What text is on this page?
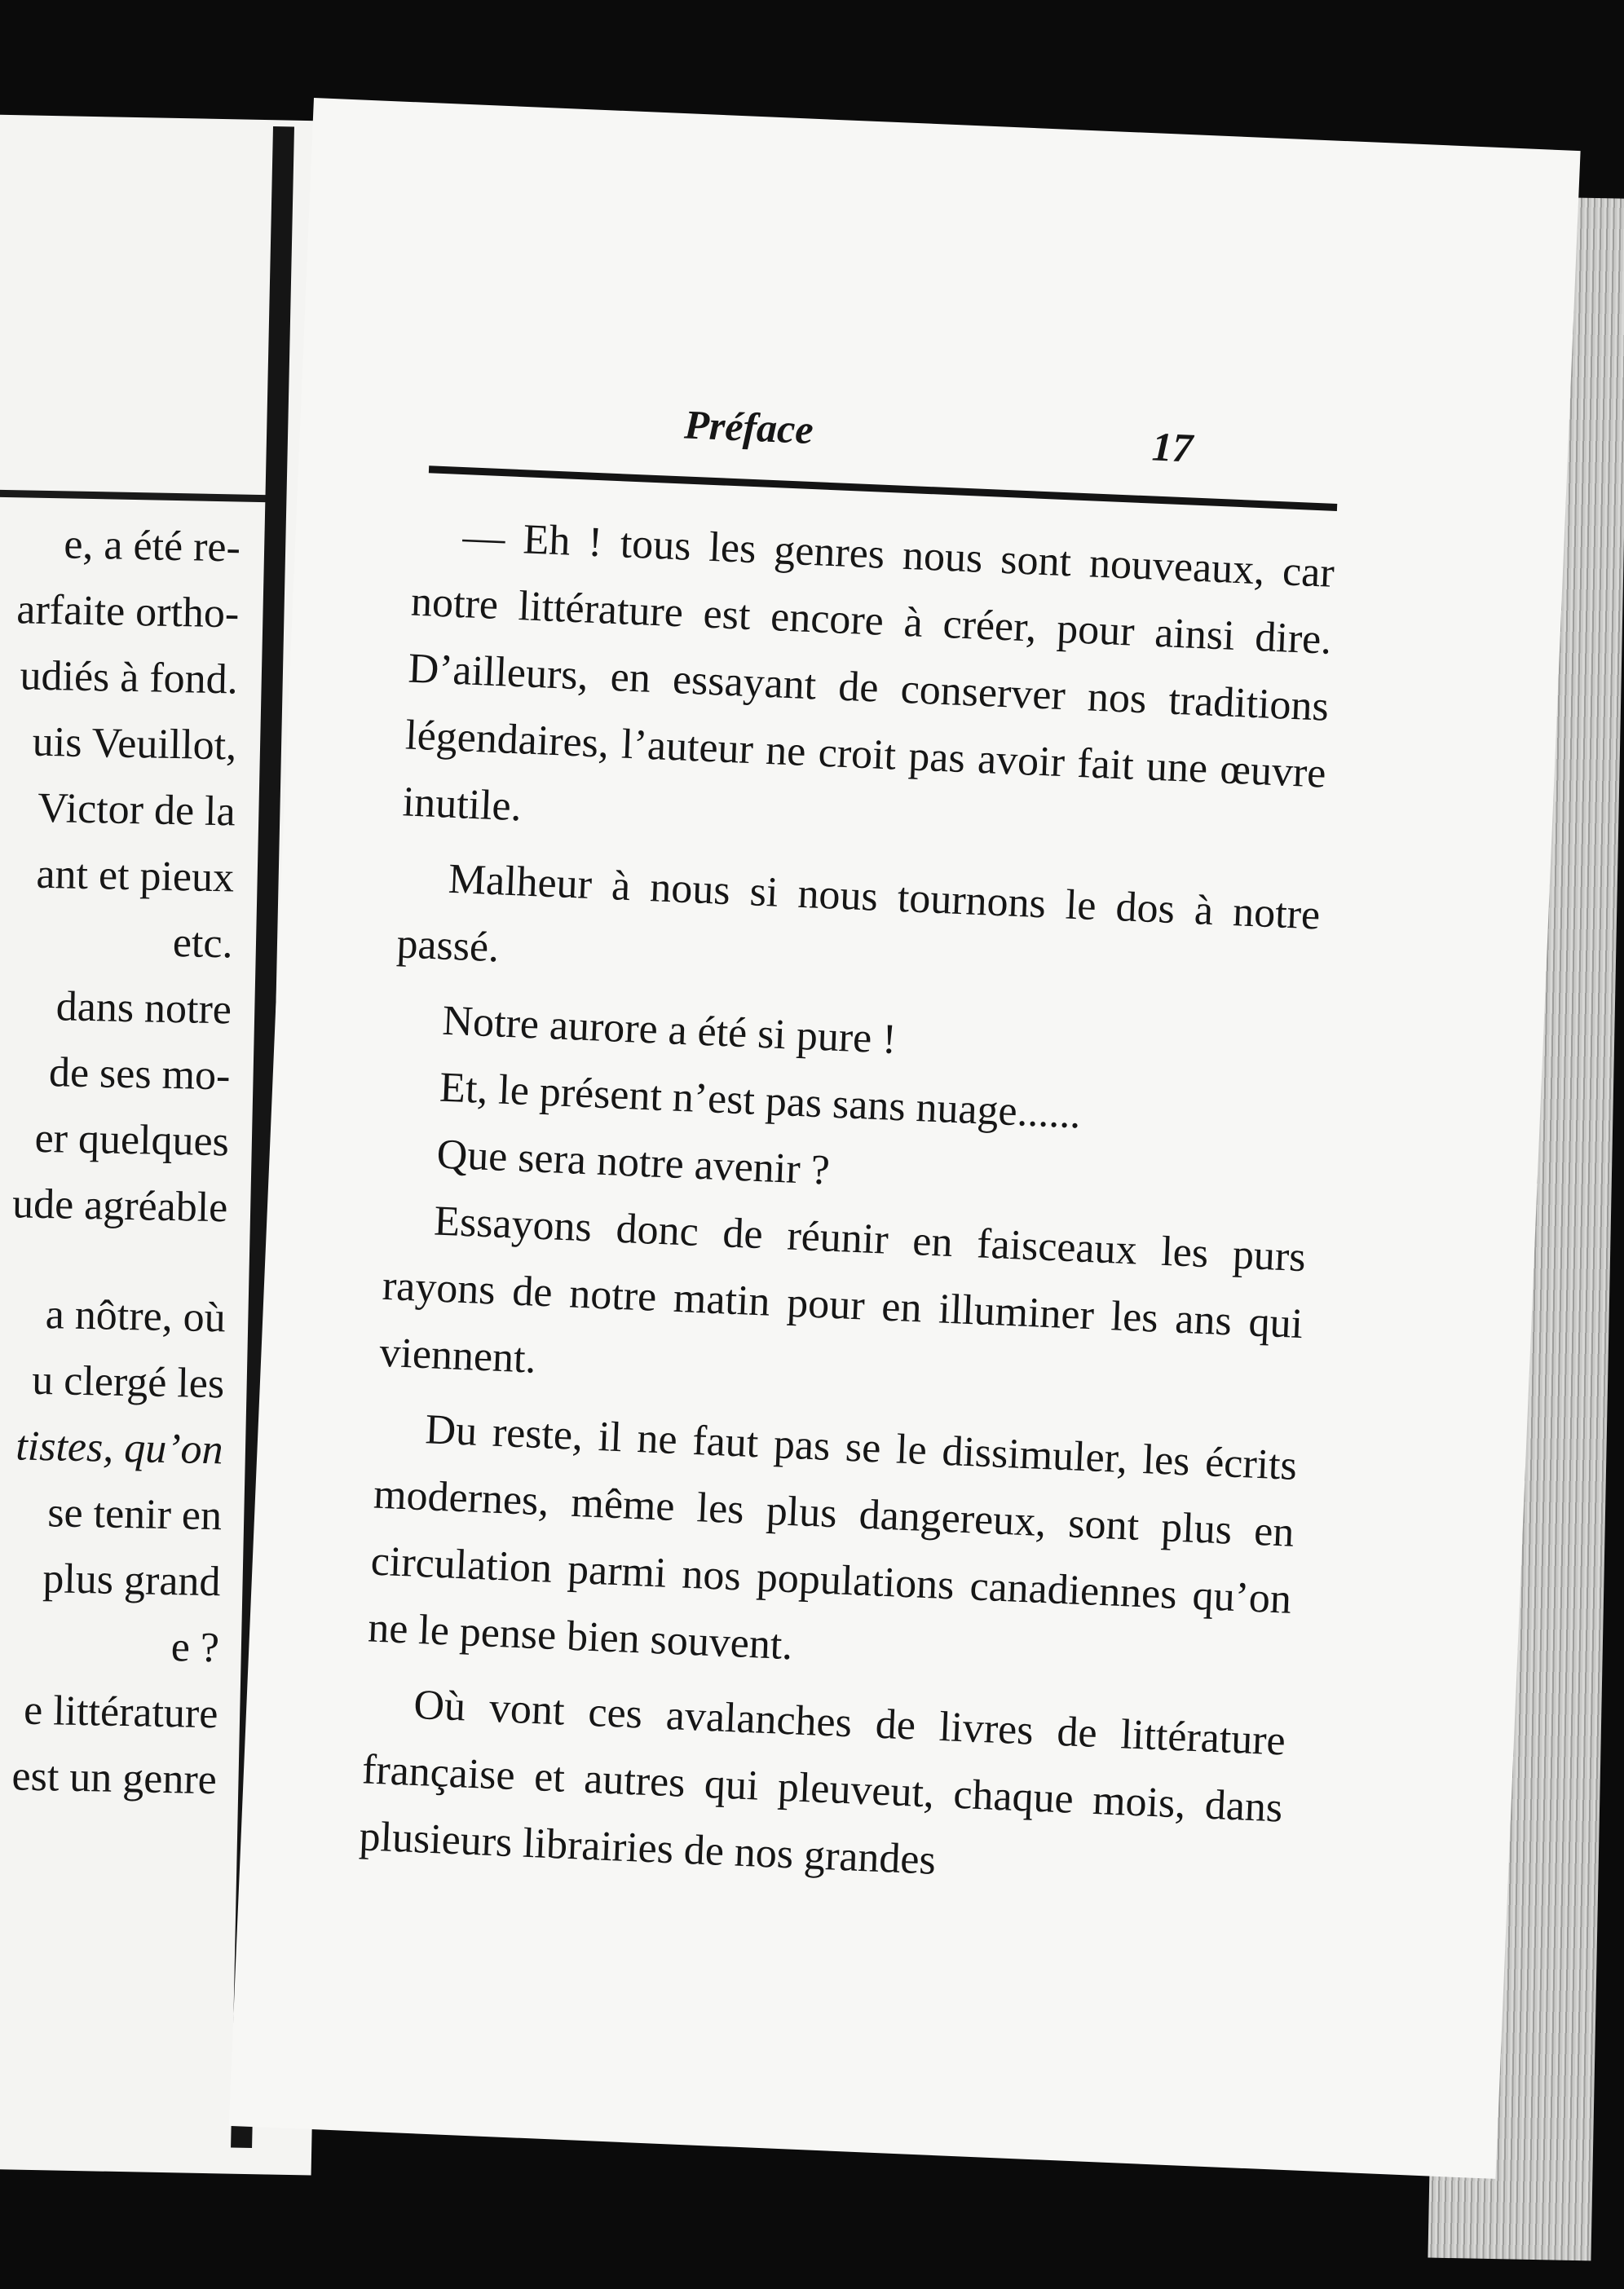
e, a été re-
arfaite ortho-
udiés à fond.
uis Veuillot,
Victor de la
ant et pieux
etc.
dans notre
de ses mo-
er quelques
ude agréable
a nôtre, où
u clergé les
tistes, qu’on
se tenir en
plus grand
e ?
e littérature
est un genre
Préface	17

— Eh ! tous les genres nous sont nouveaux, car notre littérature est encore à créer, pour ainsi dire. D’ailleurs, en essayant de conserver nos traditions légendaires, l’auteur ne croit pas avoir fait une œuvre inutile.

Malheur à nous si nous tournons le dos à notre passé.

Notre aurore a été si pure !
Et, le présent n’est pas sans nuage......
Que sera notre avenir ?

Essayons donc de réunir en faisceaux les purs rayons de notre matin pour en illuminer les ans qui viennent.

Du reste, il ne faut pas se le dissimuler, les écrits modernes, même les plus dangereux, sont plus en circulation parmi nos populations canadiennes qu’on ne le pense bien souvent.

Où vont ces avalanches de livres de littérature française et autres qui pleuveut, chaque mois, dans plusieurs librairies de nos grandes
